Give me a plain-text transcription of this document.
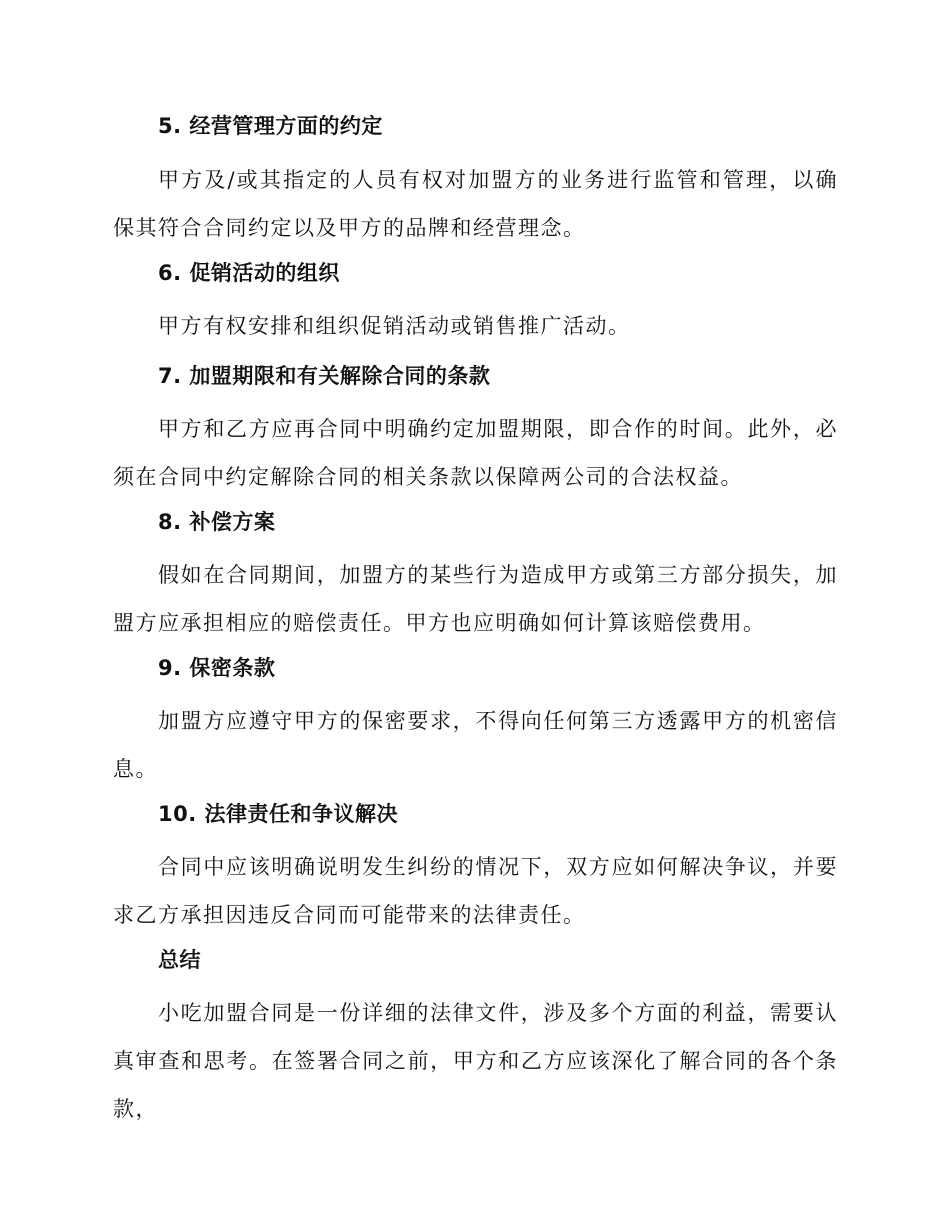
5. 经营管理方面的约定

甲方及/或其指定的人员有权对加盟方的业务进行监管和管理，以确保其符合合同约定以及甲方的品牌和经营理念。

6. 促销活动的组织

甲方有权安排和组织促销活动或销售推广活动。

7. 加盟期限和有关解除合同的条款

甲方和乙方应再合同中明确约定加盟期限，即合作的时间。此外，必须在合同中约定解除合同的相关条款以保障两公司的合法权益。

8. 补偿方案

假如在合同期间，加盟方的某些行为造成甲方或第三方部分损失，加盟方应承担相应的赔偿责任。甲方也应明确如何计算该赔偿费用。

9. 保密条款

加盟方应遵守甲方的保密要求，不得向任何第三方透露甲方的机密信息。

10. 法律责任和争议解决

合同中应该明确说明发生纠纷的情况下，双方应如何解决争议，并要求乙方承担因违反合同而可能带来的法律责任。

总结

小吃加盟合同是一份详细的法律文件，涉及多个方面的利益，需要认真审查和思考。在签署合同之前，甲方和乙方应该深化了解合同的各个条款，
